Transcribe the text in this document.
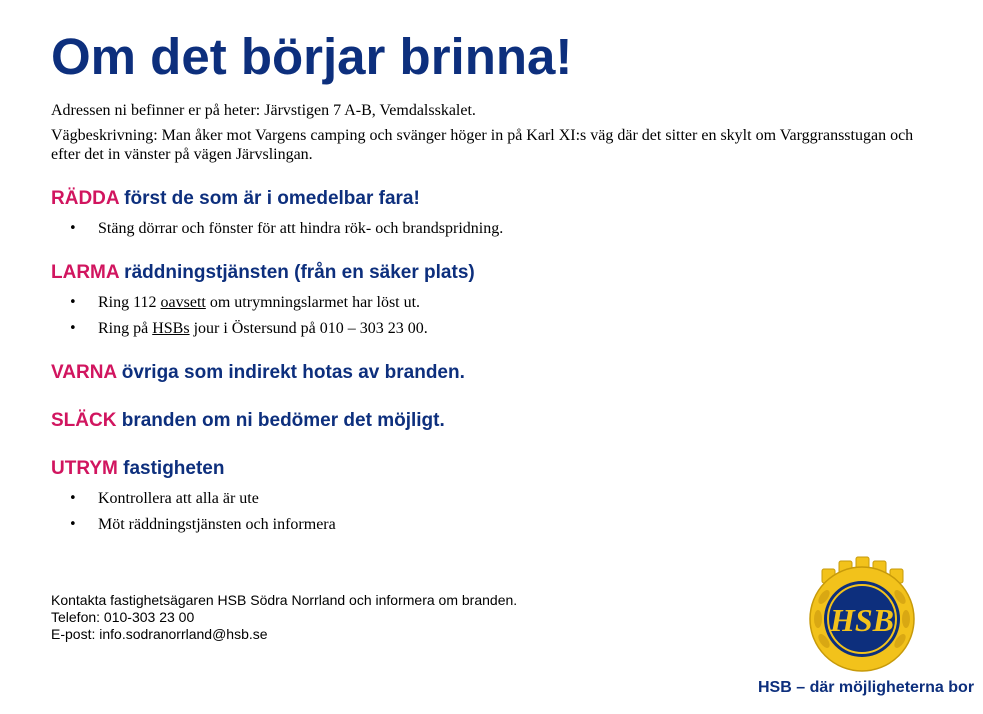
Om det börjar brinna!

Adressen ni befinner er på heter: Järvstigen 7 A-B, Vemdalsskalet.

Vägbeskrivning: Man åker mot Vargens camping och svänger höger in på Karl XI:s väg där det sitter en skylt om Varggransstugan och efter det in vänster på vägen Järvslingan.

RÄDDA först de som är i omedelbar fara!
• Stäng dörrar och fönster för att hindra rök- och brandspridning.
LARMA räddningstjänsten (från en säker plats)
• Ring 112 oavsett om utrymningslarmet har löst ut.
• Ring på HSBs jour i Östersund på 010 – 303 23 00.
VARNA övriga som indirekt hotas av branden.
SLÄCK branden om ni bedömer det möjligt.
UTRYM fastigheten
• Kontrollera att alla är ute
• Möt räddningstjänsten och informera
Kontakta fastighetsägaren HSB Södra Norrland och informera om branden.
Telefon: 010-303 23 00
E-post: info.sodranorrland@hsb.se	HSB
HSB – där möjligheterna bor
